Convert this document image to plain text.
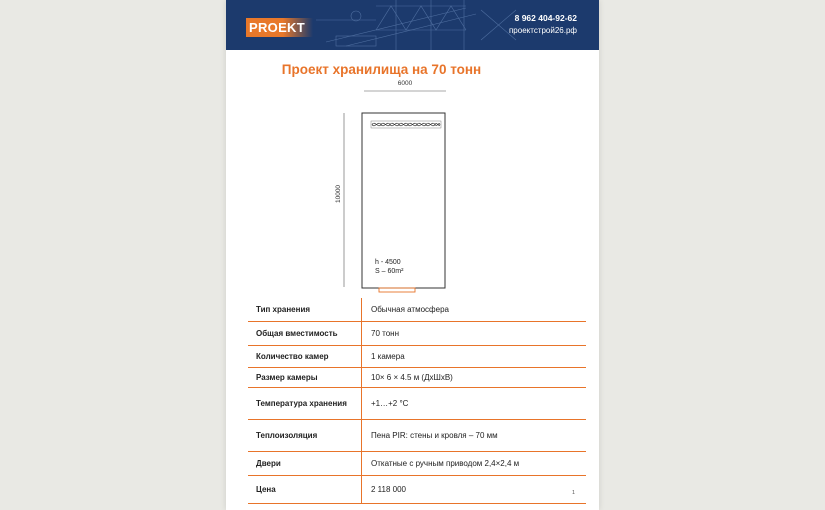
PROEKT
8 962 404-92-62
проектстрой26.рф
Проект хранилища на 70 тонн
6000
10000
h - 4500
S – 60m²
Тип хранения	Обычная атмосфера
Общая вместимость	70 тонн
Количество камер	1 камера
Размер камеры	10× 6 × 4.5 м (ДхШхВ)
Температура хранения	+1…+2 °С
Теплоизоляция	Пена PIR: стены и кровля – 70 мм
Двери	Откатные с ручным приводом 2,4×2,4 м
Цена	2 118 000	1
